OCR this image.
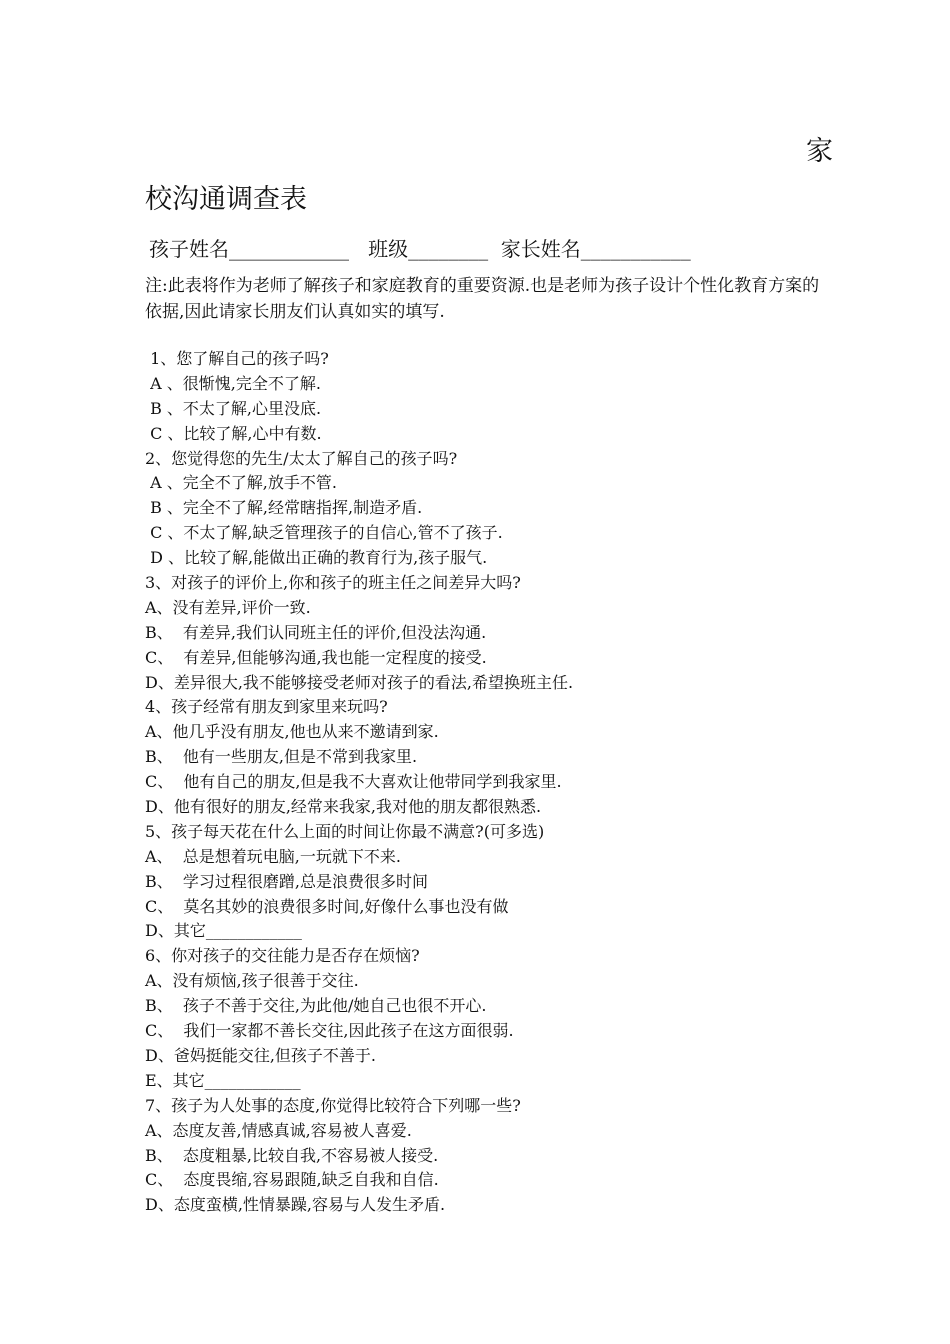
家
校沟通调查表
孩子姓名____________   班级________  家长姓名___________
注:此表将作为老师了解孩子和家庭教育的重要资源.也是老师为孩子设计个性化教育方案的依据,因此请家长朋友们认真如实的填写.
1、您了解自己的孩子吗?
A 、很惭愧,完全不了解.
B 、不太了解,心里没底.
C 、比较了解,心中有数.
2、您觉得您的先生/太太了解自己的孩子吗?
A 、完全不了解,放手不管.
B 、完全不了解,经常瞎指挥,制造矛盾.
C 、不太了解,缺乏管理孩子的自信心,管不了孩子.
D 、比较了解,能做出正确的教育行为,孩子服气.
3、对孩子的评价上,你和孩子的班主任之间差异大吗?
A、没有差异,评价一致.
B、  有差异,我们认同班主任的评价,但没法沟通.
C、  有差异,但能够沟通,我也能一定程度的接受.
D、差异很大,我不能够接受老师对孩子的看法,希望换班主任.
4、孩子经常有朋友到家里来玩吗?
A、他几乎没有朋友,他也从来不邀请到家.
B、  他有一些朋友,但是不常到我家里.
C、  他有自己的朋友,但是我不大喜欢让他带同学到我家里.
D、他有很好的朋友,经常来我家,我对他的朋友都很熟悉.
5、孩子每天花在什么上面的时间让你最不满意?(可多选)
A、  总是想着玩电脑,一玩就下不来.
B、  学习过程很磨蹭,总是浪费很多时间
C、  莫名其妙的浪费很多时间,好像什么事也没有做
D、其它____________
6、你对孩子的交往能力是否存在烦恼?
A、没有烦恼,孩子很善于交往.
B、  孩子不善于交往,为此他/她自己也很不开心.
C、  我们一家都不善长交往,因此孩子在这方面很弱.
D、爸妈挺能交往,但孩子不善于.
E、其它____________
7、孩子为人处事的态度,你觉得比较符合下列哪一些?
A、态度友善,情感真诚,容易被人喜爱.
B、  态度粗暴,比较自我,不容易被人接受.
C、  态度畏缩,容易跟随,缺乏自我和自信.
D、态度蛮横,性情暴躁,容易与人发生矛盾.
